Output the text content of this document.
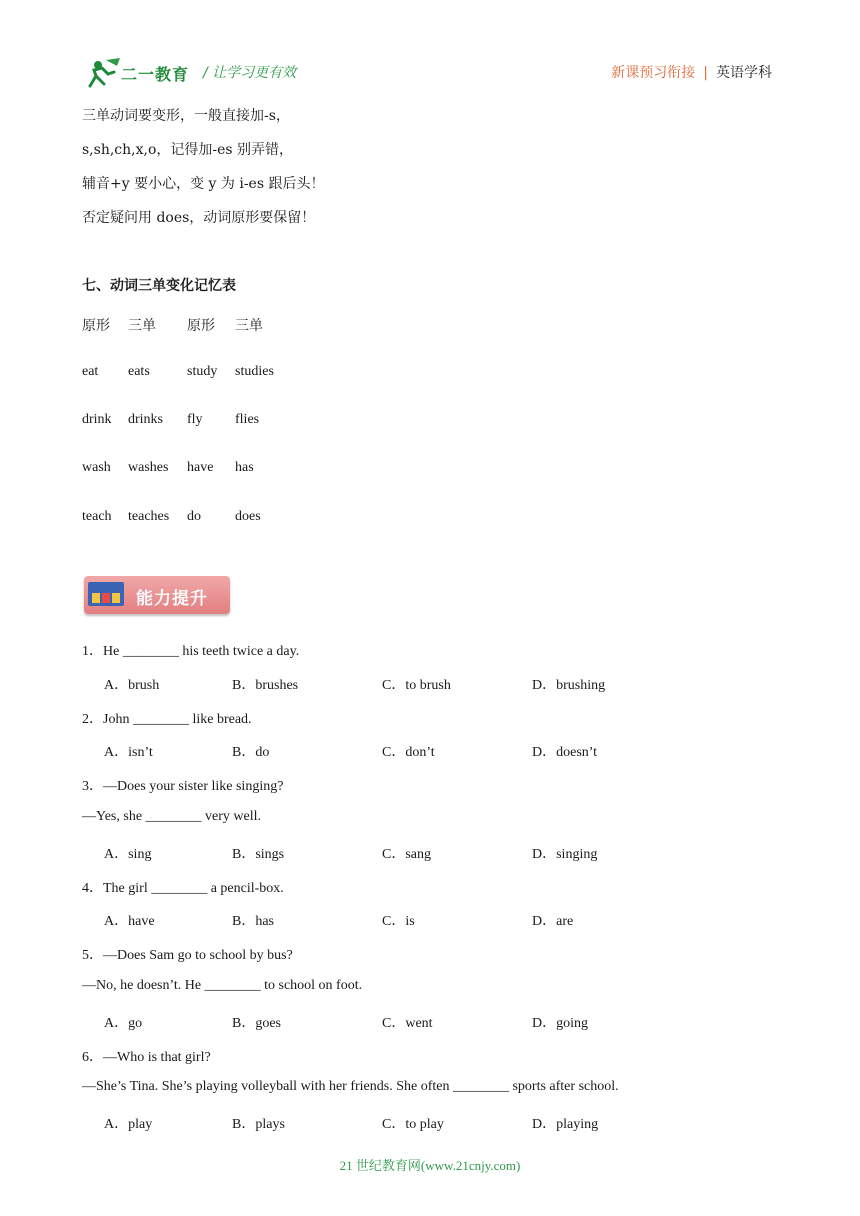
二一教育 / 让学习更有效	新课预习衔接 | 英语学科
三单动词要变形，一般直接加-s，
s,sh,ch,x,o，记得加-es 别弄错，
辅音+y 要小心，变 y 为 i-es 跟后头！
否定疑问用 does，动词原形要保留！
七、动词三单变化记忆表
原形 三单 原形 三单
eat eats	study studies
drink drinks fly flies
wash washes have has
teach teaches do does
能力提升
1．He ________ his teeth twice a day.
A．brush	B．brushes	C．to brush	D．brushing
2．John ________ like bread.
A．isn’t	B．do	C．don’t	D．doesn’t
3．—Does your sister like singing?
—Yes, she ________ very well.
A．sing	B．sings	C．sang	D．singing
4．The girl ________ a pencil-box.
A．have	B．has	C．is	D．are
5．—Does Sam go to school by bus?
—No, he doesn’t. He ________ to school on foot.
A．go	B．goes	C．went	D．going
6．—Who is that girl?
—She’s Tina. She’s playing volleyball with her friends. She often ________ sports after school.
A．play	B．plays	C．to play	D．playing
21 世纪教育网(www.21cnjy.com)
